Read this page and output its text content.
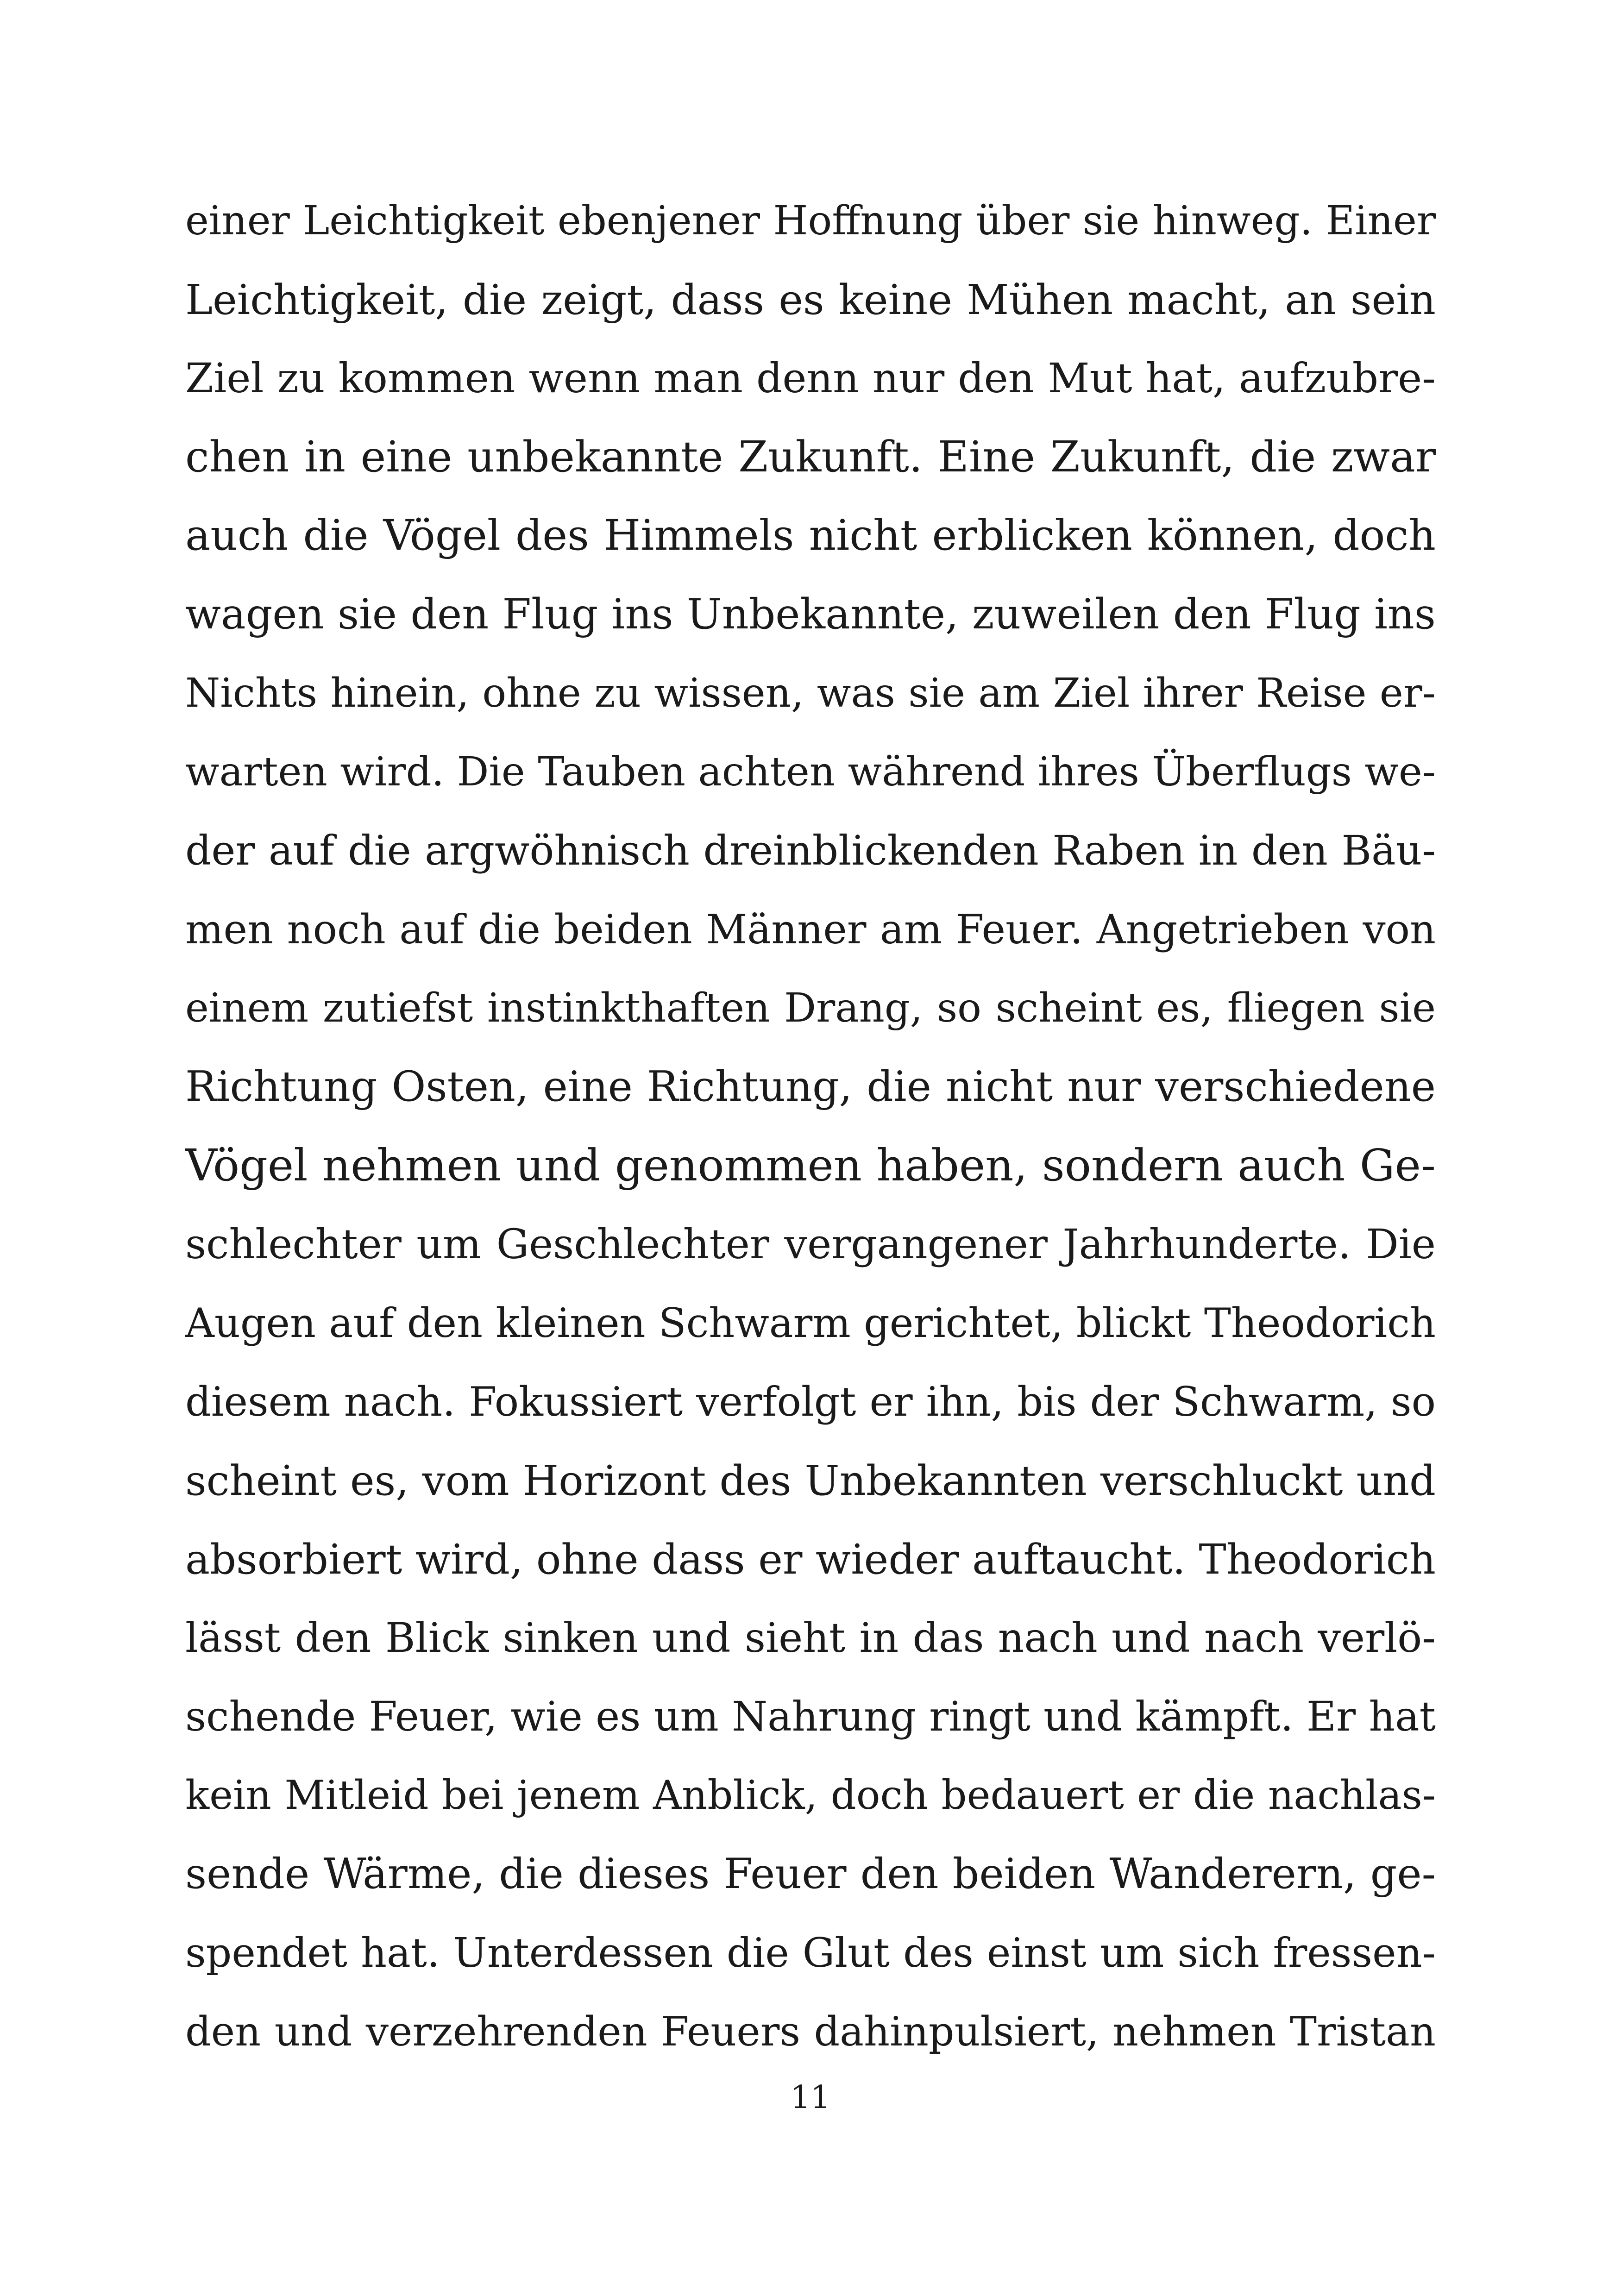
einer Leichtigkeit ebenjener Hoffnung über sie hinweg. Einer
Leichtigkeit, die zeigt, dass es keine Mühen macht, an sein
Ziel zu kommen wenn man denn nur den Mut hat, aufzubre-
chen in eine unbekannte Zukunft. Eine Zukunft, die zwar
auch die Vögel des Himmels nicht erblicken können, doch
wagen sie den Flug ins Unbekannte, zuweilen den Flug ins
Nichts hinein, ohne zu wissen, was sie am Ziel ihrer Reise er-
warten wird. Die Tauben achten während ihres Überflugs we-
der auf die argwöhnisch dreinblickenden Raben in den Bäu-
men noch auf die beiden Männer am Feuer. Angetrieben von
einem zutiefst instinkthaften Drang, so scheint es, fliegen sie
Richtung Osten, eine Richtung, die nicht nur verschiedene
Vögel nehmen und genommen haben, sondern auch Ge-
schlechter um Geschlechter vergangener Jahrhunderte. Die
Augen auf den kleinen Schwarm gerichtet, blickt Theodorich
diesem nach. Fokussiert verfolgt er ihn, bis der Schwarm, so
scheint es, vom Horizont des Unbekannten verschluckt und
absorbiert wird, ohne dass er wieder auftaucht. Theodorich
lässt den Blick sinken und sieht in das nach und nach verlö-
schende Feuer, wie es um Nahrung ringt und kämpft. Er hat
kein Mitleid bei jenem Anblick, doch bedauert er die nachlas-
sende Wärme, die dieses Feuer den beiden Wanderern, ge-
spendet hat. Unterdessen die Glut des einst um sich fressen-
den und verzehrenden Feuers dahinpulsiert, nehmen Tristan
11
